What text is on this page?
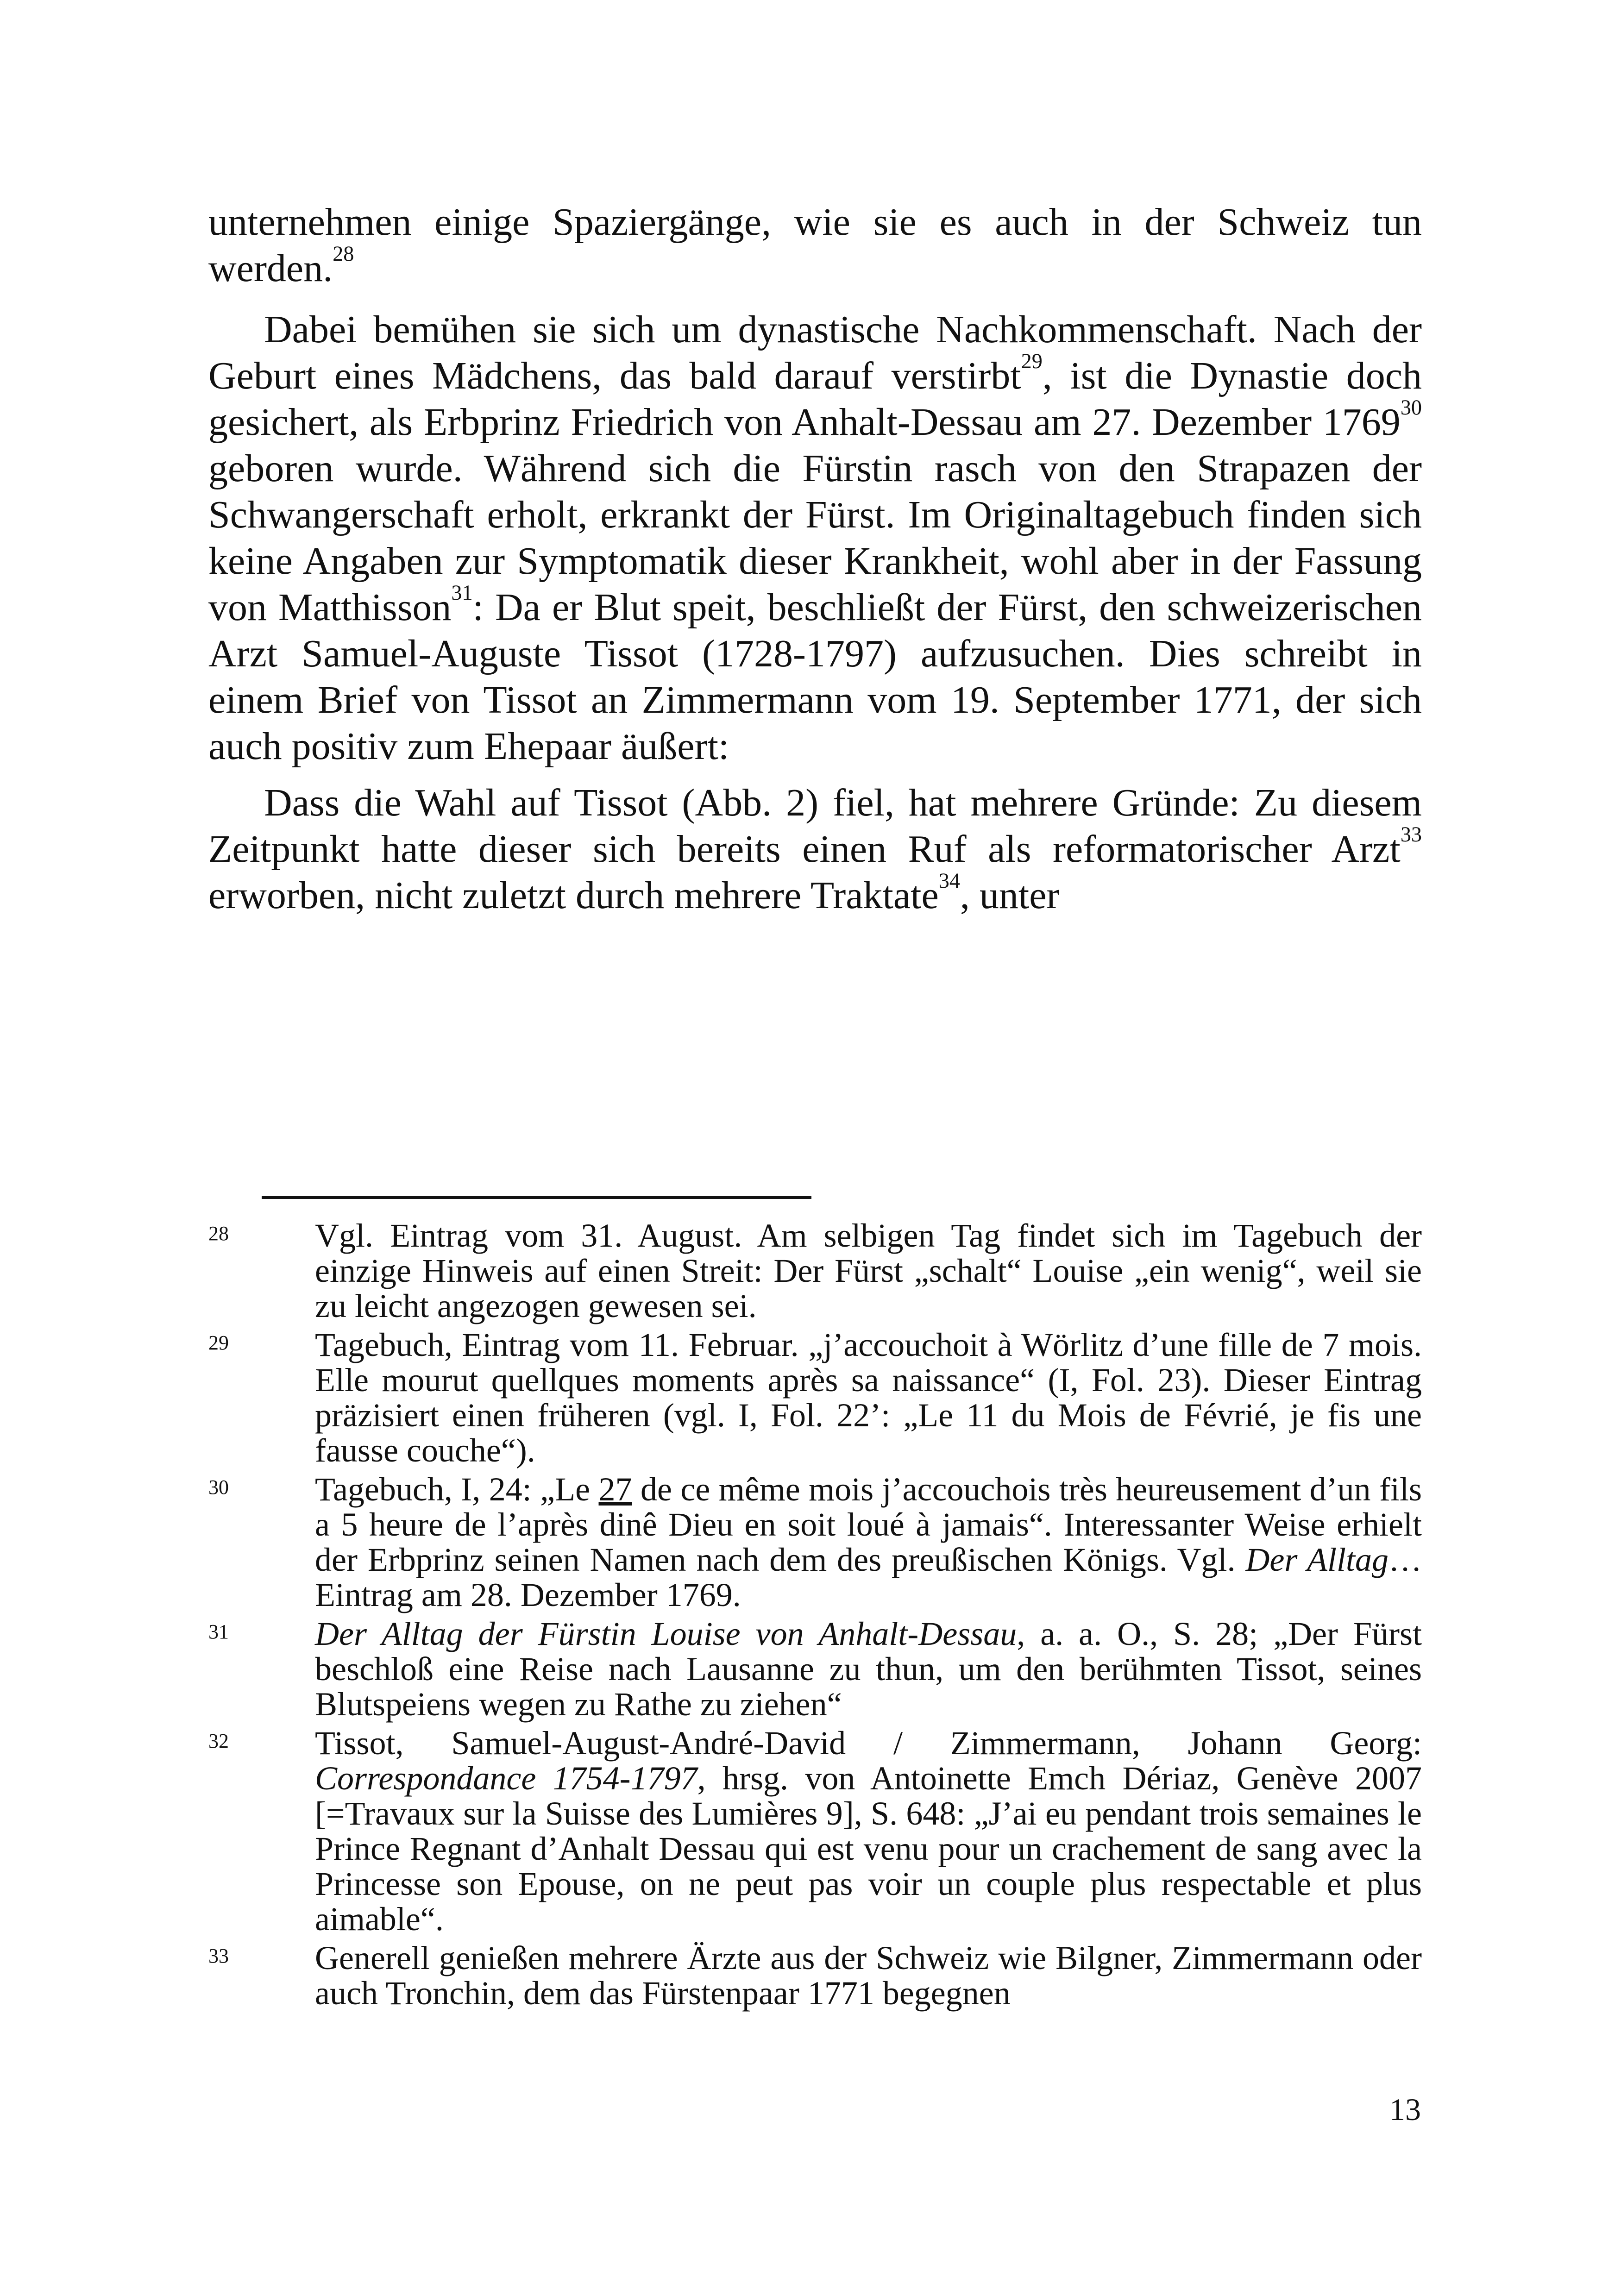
unternehmen einige Spaziergänge, wie sie es auch in der Schweiz tun werden.$^{28}$

Dabei bemühen sie sich um dynastische Nachkommenschaft. Nach der Geburt eines Mädchens, das bald darauf verstirbt$^{29}$, ist die Dynastie doch gesichert, als Erbprinz Friedrich von Anhalt-Dessau am 27. Dezember 1769$^{30}$ geboren wurde. Während sich die Fürstin rasch von den Strapazen der Schwangerschaft erholt, erkrankt der Fürst. Im Originaltagebuch finden sich keine Angaben zur Symptomatik dieser Krankheit, wohl aber in der Fassung von Matthisson$^{31}$: Da er Blut speit, beschließt der Fürst, den schweizerischen Arzt Samuel-Auguste Tissot (1728-1797) aufzusuchen. Dies schreibt in einem Brief von Tissot an Zimmermann vom 19. September 1771, der sich auch positiv zum Ehepaar äußert:

Dass die Wahl auf Tissot (Abb. 2) fiel, hat mehrere Gründe: Zu diesem Zeitpunkt hatte dieser sich bereits einen Ruf als reformatorischer Arzt$^{33}$ erworben, nicht zuletzt durch mehrere Traktate$^{34}$, unter

28	Vgl. Eintrag vom 31. August. Am selbigen Tag findet sich im Tagebuch der einzige Hinweis auf einen Streit: Der Fürst „schalt“ Louise „ein wenig“, weil sie zu leicht angezogen gewesen sei.
29	Tagebuch, Eintrag vom 11. Februar. „j’accouchoit à Wörlitz d’une fille de 7 mois. Elle mourut quellques moments après sa naissance“ (I, Fol. 23). Dieser Eintrag präzisiert einen früheren (vgl. I, Fol. 22’: „Le 11 du Mois de Févrié, je fis une fausse couche“).
30	Tagebuch, I, 24: „Le 27 de ce même mois j’accouchois très heureusement d’un fils a 5 heure de l’après dinê Dieu en soit loué à jamais“. Interessanter Weise erhielt der Erbprinz seinen Namen nach dem des preußischen Königs. Vgl. Der Alltag…Eintrag am 28. Dezember 1769.
31	Der Alltag der Fürstin Louise von Anhalt-Dessau, a. a. O., S. 28; „Der Fürst beschloß eine Reise nach Lausanne zu thun, um den berühmten Tissot, seines Blutspeiens wegen zu Rathe zu ziehen“
32	Tissot, Samuel-August-André-David / Zimmermann, Johann Georg: Correspondance 1754-1797, hrsg. von Antoinette Emch Dériaz, Genève 2007 [=Travaux sur la Suisse des Lumières 9], S. 648: „J’ai eu pendant trois semaines le Prince Regnant d’Anhalt Dessau qui est venu pour un crachement de sang avec la Princesse son Epouse, on ne peut pas voir un couple plus respectable et plus aimable“.
33	Generell genießen mehrere Ärzte aus der Schweiz wie Bilgner, Zimmermann oder auch Tronchin, dem das Fürstenpaar 1771 begegnen
13
